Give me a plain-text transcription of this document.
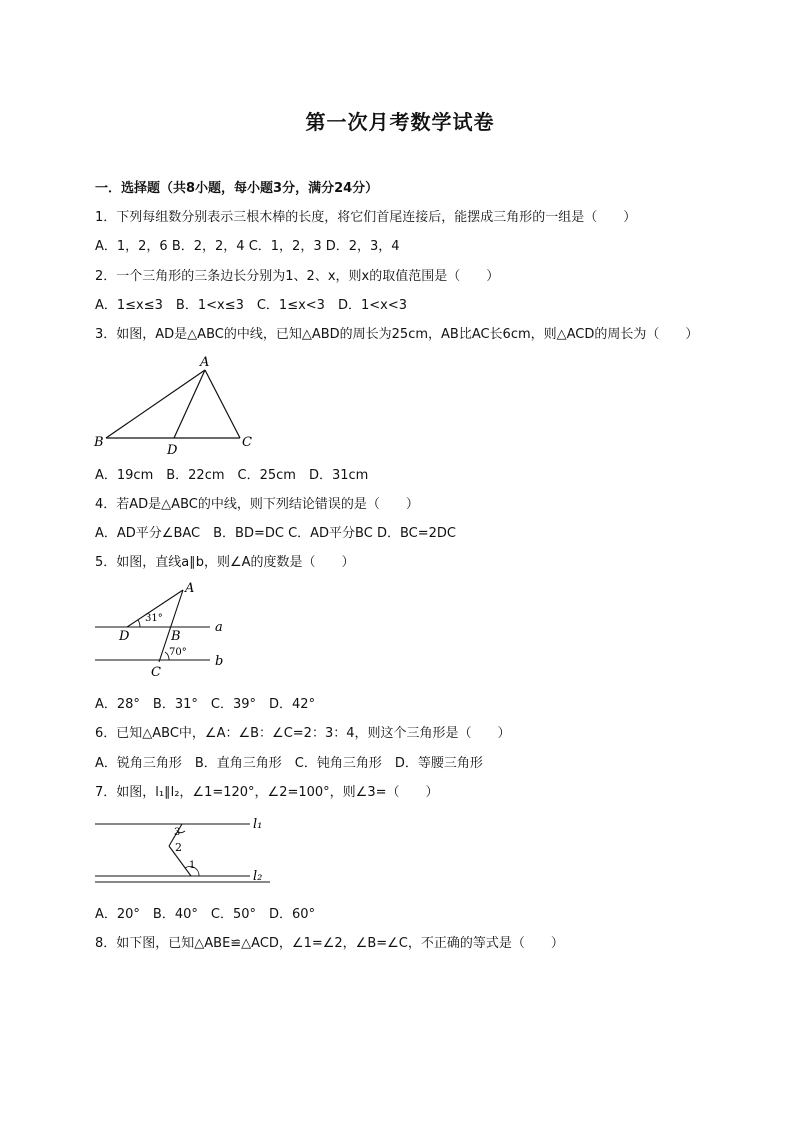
第一次月考数学试卷
一．选择题（共8小题，每小题3分，满分24分）
1．下列每组数分别表示三根木棒的长度，将它们首尾连接后，能摆成三角形的一组是（　　）
A．1，2，6 B．2，2，4 C．1，2，3 D．2，3，4
2．一个三角形的三条边长分别为1、2、x，则x的取值范围是（　　）
A．1≤x≤3　B．1<x≤3　C．1≤x<3　D．1<x<3
3．如图，AD是△ABC的中线，已知△ABD的周长为25cm，AB比AC长6cm，则△ACD的周长为（　　）
A
B	C
D
A．19cm　B．22cm　C．25cm　D．31cm
4．若AD是△ABC的中线，则下列结论错误的是（　　）
A．AD平分∠BAC　B．BD=DC C．AD平分BC D．BC=2DC
5．如图，直线a∥b，则∠A的度数是（　　）
A
D	B
C
a
b
31°
70°
A．28°　B．31°　C．39°　D．42°
6．已知△ABC中，∠A：∠B：∠C=2：3：4，则这个三角形是（　　）
A．锐角三角形　B．直角三角形　C．钝角三角形　D．等腰三角形
7．如图，l₁∥l₂，∠1=120°，∠2=100°，则∠3=（　　）
3
2
1
l₁
l₂
A．20°　B．40°　C．50°　D．60°
8．如下图，已知△ABE≌△ACD，∠1=∠2，∠B=∠C，不正确的等式是（　　）
